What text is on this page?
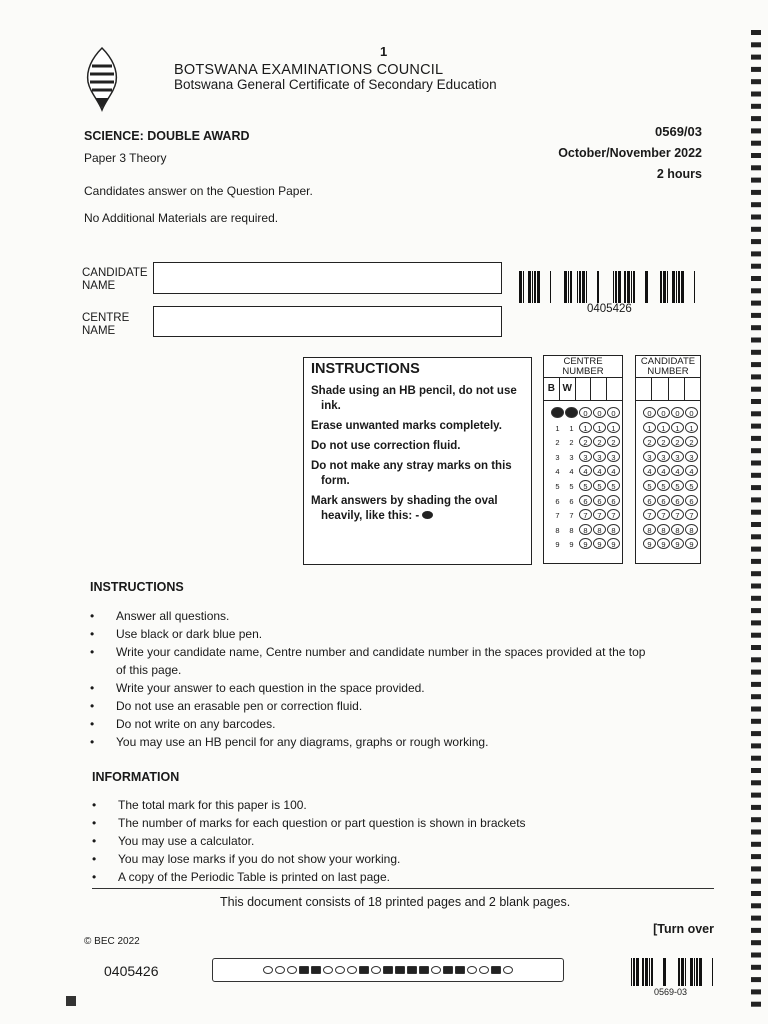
1
BOTSWANA EXAMINATIONS COUNCIL
Botswana General Certificate of Secondary Education
SCIENCE: DOUBLE AWARD
Paper 3 Theory
0569/03
October/November 2022
2 hours
Candidates answer on the Question Paper.
No Additional Materials are required.
CANDIDATE NAME
CENTRE NAME
0405426
INSTRUCTIONS
Shade using an HB pencil, do not use ink.
Erase unwanted marks completely.
Do not use correction fluid.
Do not make any stray marks on this form.
Mark answers by shading the oval heavily, like this: -
CENTRE NUMBER
B W
0	0	0	0	0
1	1	1	1	1
2	2	2	2	2
3	3	3	3	3
4	4	4	4	4
5	5	5	5	5
6	6	6	6	6
7	7	7	7	7
8	8	8	8	8
9	9	9	9	9
CANDIDATE NUMBER
0	0	0	0
1	1	1	1
2	2	2	2
3	3	3	3
4	4	4	4
5	5	5	5
6	6	6	6
7	7	7	7
8	8	8	8
9	9	9	9
INSTRUCTIONS
• Answer all questions.
• Use black or dark blue pen.
• Write your candidate name, Centre number and candidate number in the spaces provided at the top of this page.
• Write your answer to each question in the space provided.
• Do not use an erasable pen or correction fluid.
• Do not write on any barcodes.
• You may use an HB pencil for any diagrams, graphs or rough working.
INFORMATION
• The total mark for this paper is 100.
• The number of marks for each question or part question is shown in brackets
• You may use a calculator.
• You may lose marks if you do not show your working.
• A copy of the Periodic Table is printed on last page.
This document consists of 18 printed pages and 2 blank pages.
[Turn over
© BEC 2022
0405426
0569-03
